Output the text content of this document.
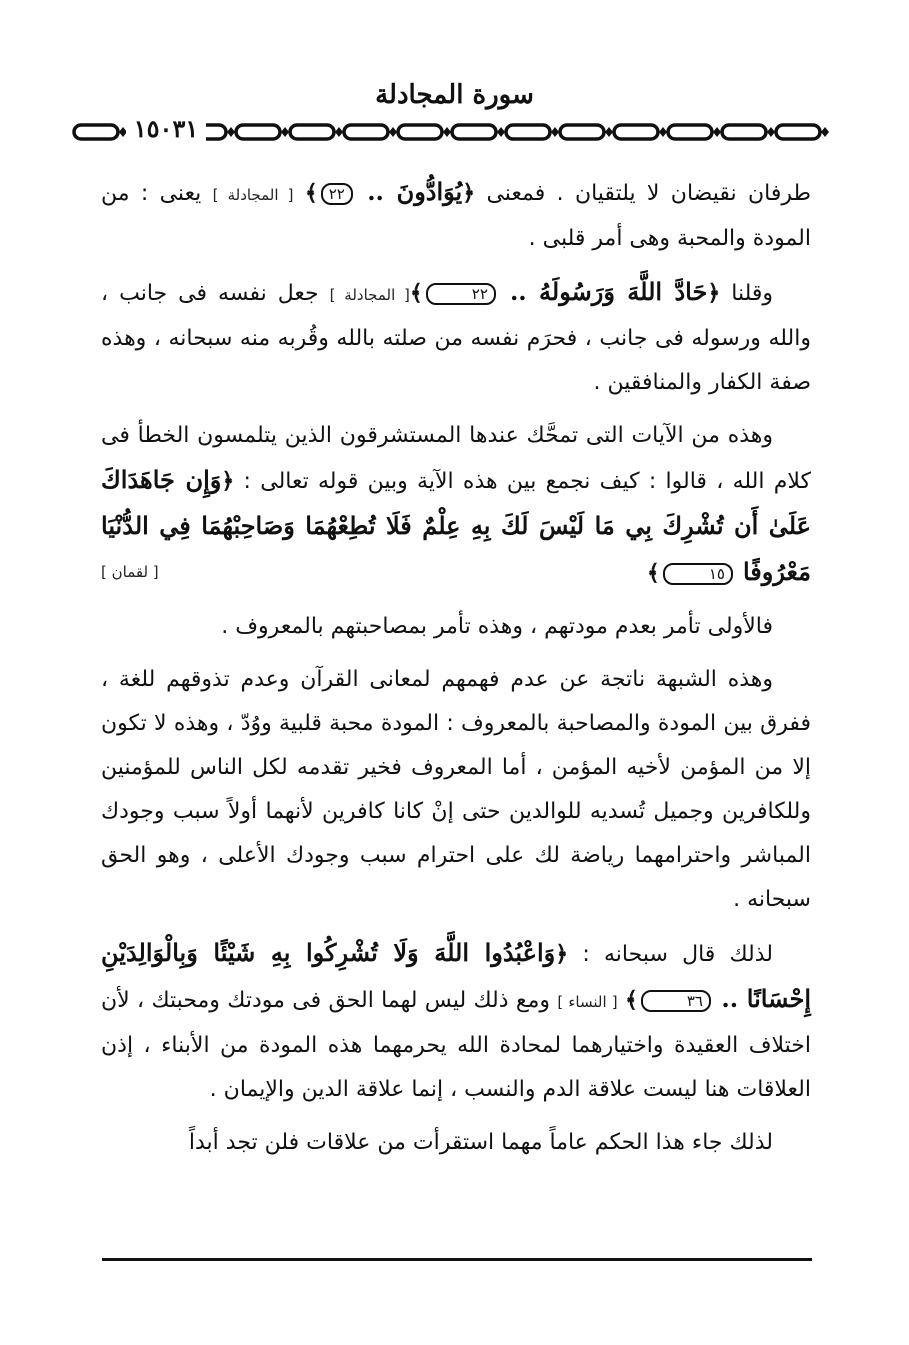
سورة المجادلة
١٥٠٣١

طرفان نقيضان لا يلتقيان . فمعنى ﴿يُوَادُّونَ .. ٢٢﴾ [ المجادلة ] يعنى : من المودة والمحبة وهى أمر قلبى .

وقلنا ﴿حَادَّ اللَّهَ وَرَسُولَهُ .. ٢٢﴾[ المجادلة ] جعل نفسه فى جانب ، والله ورسوله فى جانب ، فحرَم نفسه من صلته بالله وقُربه منه سبحانه ، وهذه صفة الكفار والمنافقين .

وهذه من الآيات التى تمحَّك عندها المستشرقون الذين يتلمسون الخطأ فى كلام الله ، قالوا : كيف نجمع بين هذه الآية وبين قوله تعالى : ﴿وَإِن جَاهَدَاكَ عَلَىٰ أَن تُشْرِكَ بِي مَا لَيْسَ لَكَ بِهِ عِلْمٌ فَلَا تُطِعْهُمَا وَصَاحِبْهُمَا فِي الدُّنْيَا مَعْرُوفًا ١٥﴾
[ لقمان ]

فالأولى تأمر بعدم مودتهم ، وهذه تأمر بمصاحبتهم بالمعروف .

وهذه الشبهة ناتجة عن عدم فهمهم لمعانى القرآن وعدم تذوقهم للغة ، ففرق بين المودة والمصاحبة بالمعروف : المودة محبة قلبية ووُدّ ، وهذه لا تكون إلا من المؤمن لأخيه المؤمن ، أما المعروف فخير تقدمه لكل الناس للمؤمنين وللكافرين وجميل تُسديه للوالدين حتى إنْ كانا كافرين لأنهما أولاً سبب وجودك المباشر واحترامهما رياضة لك على احترام سبب وجودك الأعلى ، وهو الحق سبحانه .

لذلك قال سبحانه : ﴿وَاعْبُدُوا اللَّهَ وَلَا تُشْرِكُوا بِهِ شَيْئًا وَبِالْوَالِدَيْنِ إِحْسَانًا .. ٣٦﴾ [ النساء ] ومع ذلك ليس لهما الحق فى مودتك ومحبتك ، لأن اختلاف العقيدة واختيارهما لمحادة الله يحرمهما هذه المودة من الأبناء ، إذن العلاقات هنا ليست علاقة الدم والنسب ، إنما علاقة الدين والإيمان .

لذلك جاء هذا الحكم عاماً مهما استقرأت من علاقات فلن تجد أبداً
